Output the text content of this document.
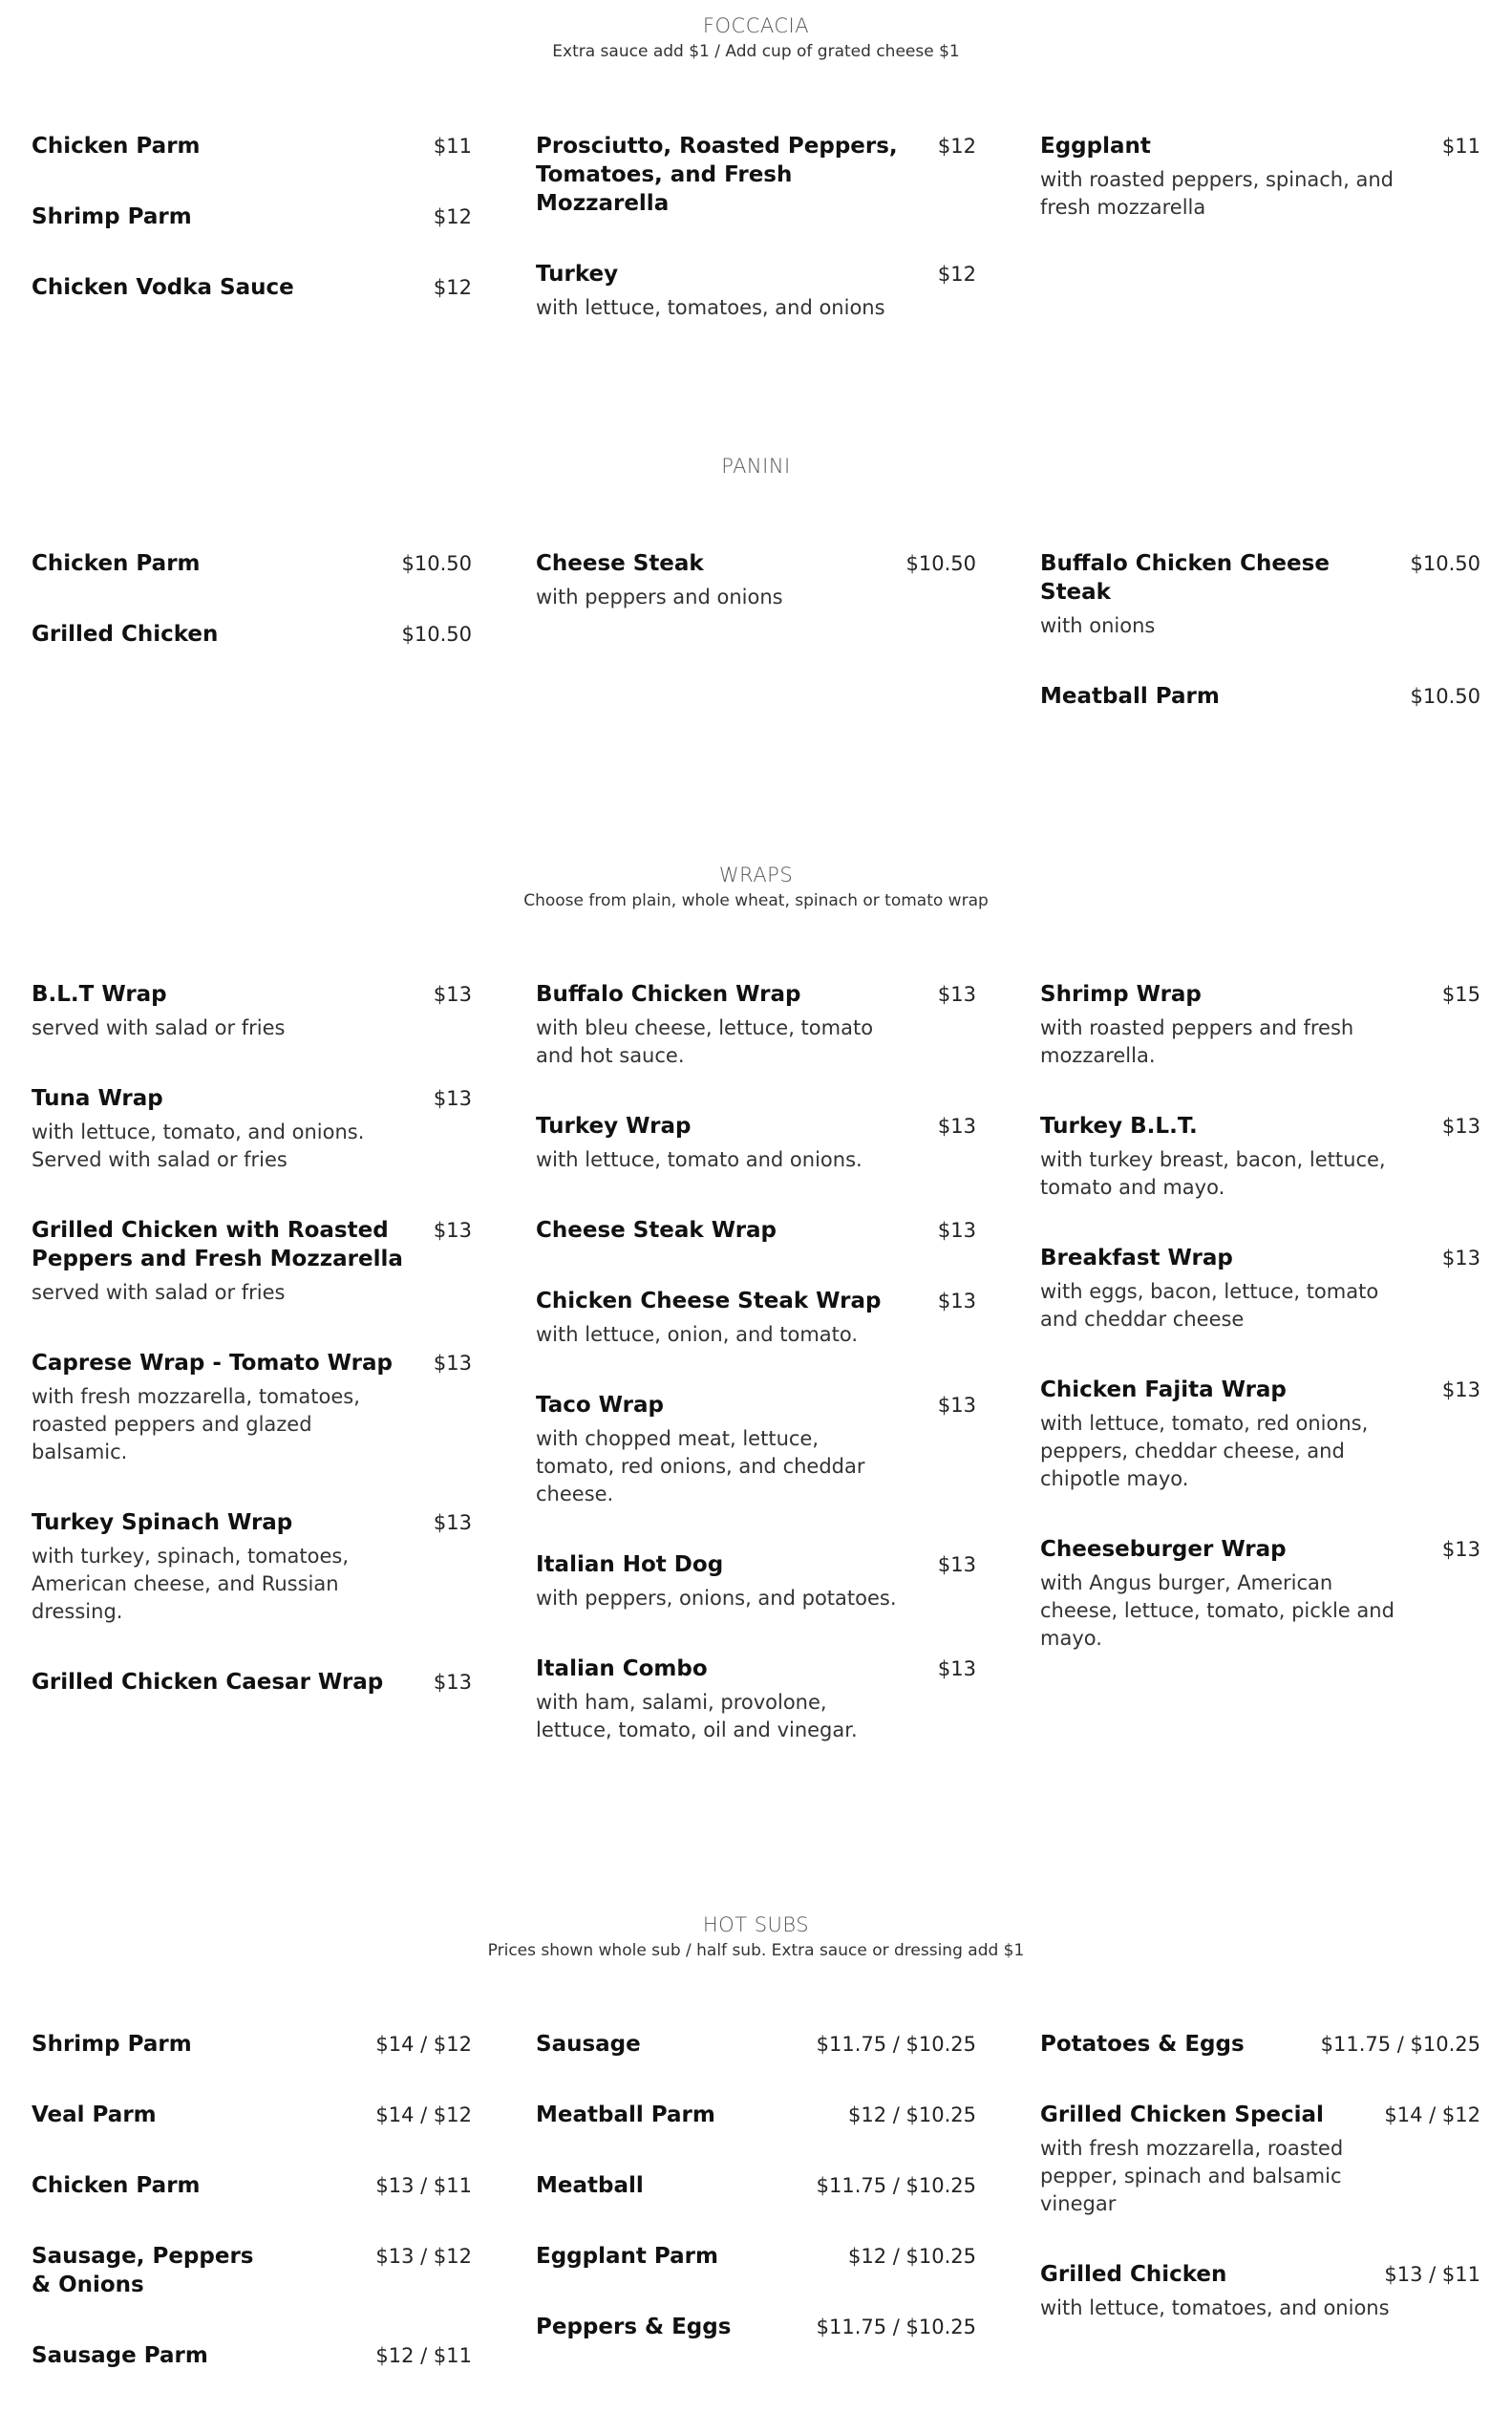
FOCCACIA
Extra sauce add $1 / Add cup of grated cheese $1
Chicken Parm	$11
Shrimp Parm	$12
Chicken Vodka Sauce	$12
Prosciutto, Roasted Peppers, Tomatoes, and Fresh Mozzarella
$12
Turkey	$12
with lettuce, tomatoes, and onions
Eggplant	$11
with roasted peppers, spinach, and fresh mozzarella
PANINI
Chicken Parm	$10.50
Grilled Chicken	$10.50
Cheese Steak	$10.50
with peppers and onions
Buffalo Chicken Cheese Steak
$10.50
with onions
Meatball Parm	$10.50
WRAPS
Choose from plain, whole wheat, spinach or tomato wrap
B.L.T Wrap	$13
served with salad or fries
Tuna Wrap	$13
with lettuce, tomato, and onions. Served with salad or fries
Grilled Chicken with Roasted Peppers and Fresh Mozzarella
$13
served with salad or fries
Caprese Wrap - Tomato Wrap	$13
with fresh mozzarella, tomatoes, roasted peppers and glazed balsamic.
Turkey Spinach Wrap	$13
with turkey, spinach, tomatoes, American cheese, and Russian dressing.
Grilled Chicken Caesar Wrap	$13
Buffalo Chicken Wrap	$13
with bleu cheese, lettuce, tomato and hot sauce.
Turkey Wrap	$13
with lettuce, tomato and onions.
Cheese Steak Wrap	$13
Chicken Cheese Steak Wrap	$13
with lettuce, onion, and tomato.
Taco Wrap	$13
with chopped meat, lettuce, tomato, red onions, and cheddar cheese.
Italian Hot Dog	$13
with peppers, onions, and potatoes.
Italian Combo	$13
with ham, salami, provolone, lettuce, tomato, oil and vinegar.
Shrimp Wrap	$15
with roasted peppers and fresh mozzarella.
Turkey B.L.T.	$13
with turkey breast, bacon, lettuce, tomato and mayo.
Breakfast Wrap	$13
with eggs, bacon, lettuce, tomato and cheddar cheese
Chicken Fajita Wrap	$13
with lettuce, tomato, red onions, peppers, cheddar cheese, and chipotle mayo.
Cheeseburger Wrap	$13
with Angus burger, American cheese, lettuce, tomato, pickle and mayo.
HOT SUBS
Prices shown whole sub / half sub. Extra sauce or dressing add $1
Shrimp Parm	$14 / $12
Veal Parm	$14 / $12
Chicken Parm	$13 / $11
Sausage, Peppers & Onions
$13 / $12
Sausage Parm	$12 / $11
Sausage	$11.75 / $10.25
Meatball Parm	$12 / $10.25
Meatball	$11.75 / $10.25
Eggplant Parm	$12 / $10.25
Peppers & Eggs	$11.75 / $10.25
Potatoes & Eggs	$11.75 / $10.25
Grilled Chicken Special	$14 / $12
with fresh mozzarella, roasted pepper, spinach and balsamic vinegar
Grilled Chicken	$13 / $11
with lettuce, tomatoes, and onions
